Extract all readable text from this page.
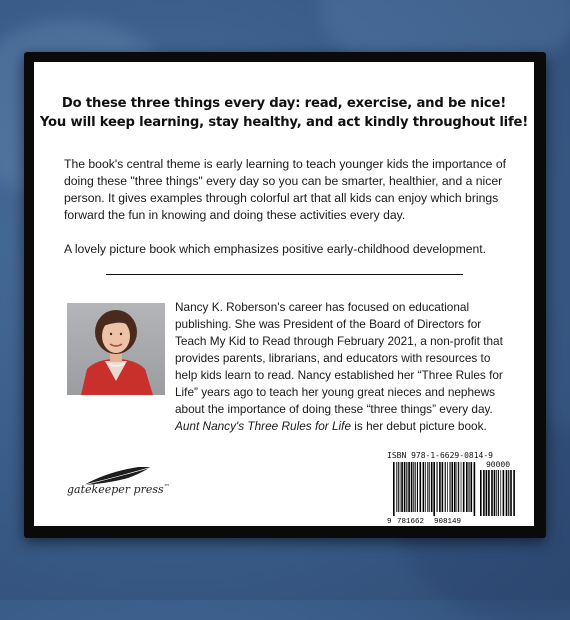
Do these three things every day: read, exercise, and be nice!
You will keep learning, stay healthy, and act kindly throughout life!

The book's central theme is early learning to teach younger kids the importance of doing these "three things" every day so you can be smarter, healthier, and a nicer person. It gives examples through colorful art that all kids can enjoy which brings forward the fun in knowing and doing these activities every day.

A lovely picture book which emphasizes positive early-childhood development.

Nancy K. Roberson's career has focused on educational publishing. She was President of the Board of Directors for Teach My Kid to Read through February 2021, a non-profit that provides parents, librarians, and educators with resources to help kids learn to read. Nancy established her “Three Rules for Life” years ago to teach her young great nieces and nephews about the importance of doing these “three things” every day. Aunt Nancy's Three Rules for Life is her debut picture book.

gatekeeper press™
ISBN 978-1-6629-0814-9
90000
9 781662 908149
